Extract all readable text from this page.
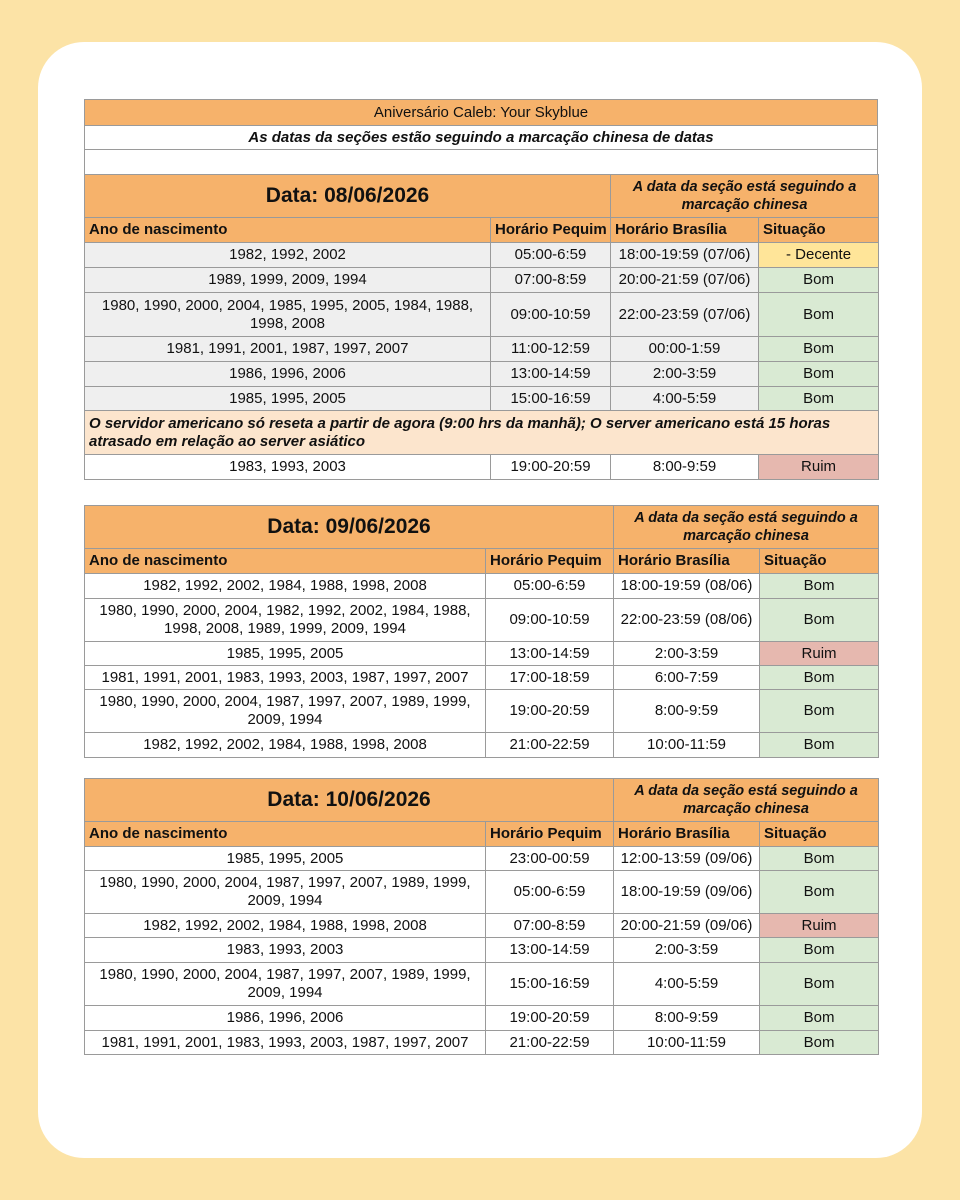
Aniversário Caleb: Your Skyblue
As datas da seções estão seguindo a marcação chinesa de datas

Data: 08/06/2026		A data da seção está seguindo a marcação chinesa	
Ano de nascimento	Horário Pequim	Horário Brasília	Situação
1982, 1992, 2002	05:00-6:59	18:00-19:59 (07/06)	- Decente
1989, 1999, 2009, 1994	07:00-8:59	20:00-21:59 (07/06)	Bom
1980, 1990, 2000, 2004, 1985, 1995, 2005, 1984, 1988, 1998, 2008	09:00-10:59	22:00-23:59 (07/06)	Bom
1981, 1991, 2001, 1987, 1997, 2007	11:00-12:59	00:00-1:59	Bom
1986, 1996, 2006	13:00-14:59	2:00-3:59	Bom
1985, 1995, 2005	15:00-16:59	4:00-5:59	Bom
O servidor americano só reseta a partir de agora (9:00 hrs da manhã); O server americano está 15 horas atrasado em relação ao server asiático			
1983, 1993, 2003	19:00-20:59	8:00-9:59	Ruim
Data: 09/06/2026		A data da seção está seguindo a marcação chinesa	
Ano de nascimento	Horário Pequim	Horário Brasília	Situação
1982, 1992, 2002, 1984, 1988, 1998, 2008	05:00-6:59	18:00-19:59 (08/06)	Bom
1980, 1990, 2000, 2004, 1982, 1992, 2002, 1984, 1988, 1998, 2008, 1989, 1999, 2009, 1994	09:00-10:59	22:00-23:59 (08/06)	Bom
1985, 1995, 2005	13:00-14:59	2:00-3:59	Ruim
1981, 1991, 2001, 1983, 1993, 2003, 1987, 1997, 2007	17:00-18:59	6:00-7:59	Bom
1980, 1990, 2000, 2004, 1987, 1997, 2007, 1989, 1999, 2009, 1994	19:00-20:59	8:00-9:59	Bom
1982, 1992, 2002, 1984, 1988, 1998, 2008	21:00-22:59	10:00-11:59	Bom
Data: 10/06/2026		A data da seção está seguindo a marcação chinesa	
Ano de nascimento	Horário Pequim	Horário Brasília	Situação
1985, 1995, 2005	23:00-00:59	12:00-13:59 (09/06)	Bom
1980, 1990, 2000, 2004, 1987, 1997, 2007, 1989, 1999, 2009, 1994	05:00-6:59	18:00-19:59 (09/06)	Bom
1982, 1992, 2002, 1984, 1988, 1998, 2008	07:00-8:59	20:00-21:59 (09/06)	Ruim
1983, 1993, 2003	13:00-14:59	2:00-3:59	Bom
1980, 1990, 2000, 2004, 1987, 1997, 2007, 1989, 1999, 2009, 1994	15:00-16:59	4:00-5:59	Bom
1986, 1996, 2006	19:00-20:59	8:00-9:59	Bom
1981, 1991, 2001, 1983, 1993, 2003, 1987, 1997, 2007	21:00-22:59	10:00-11:59	Bom
